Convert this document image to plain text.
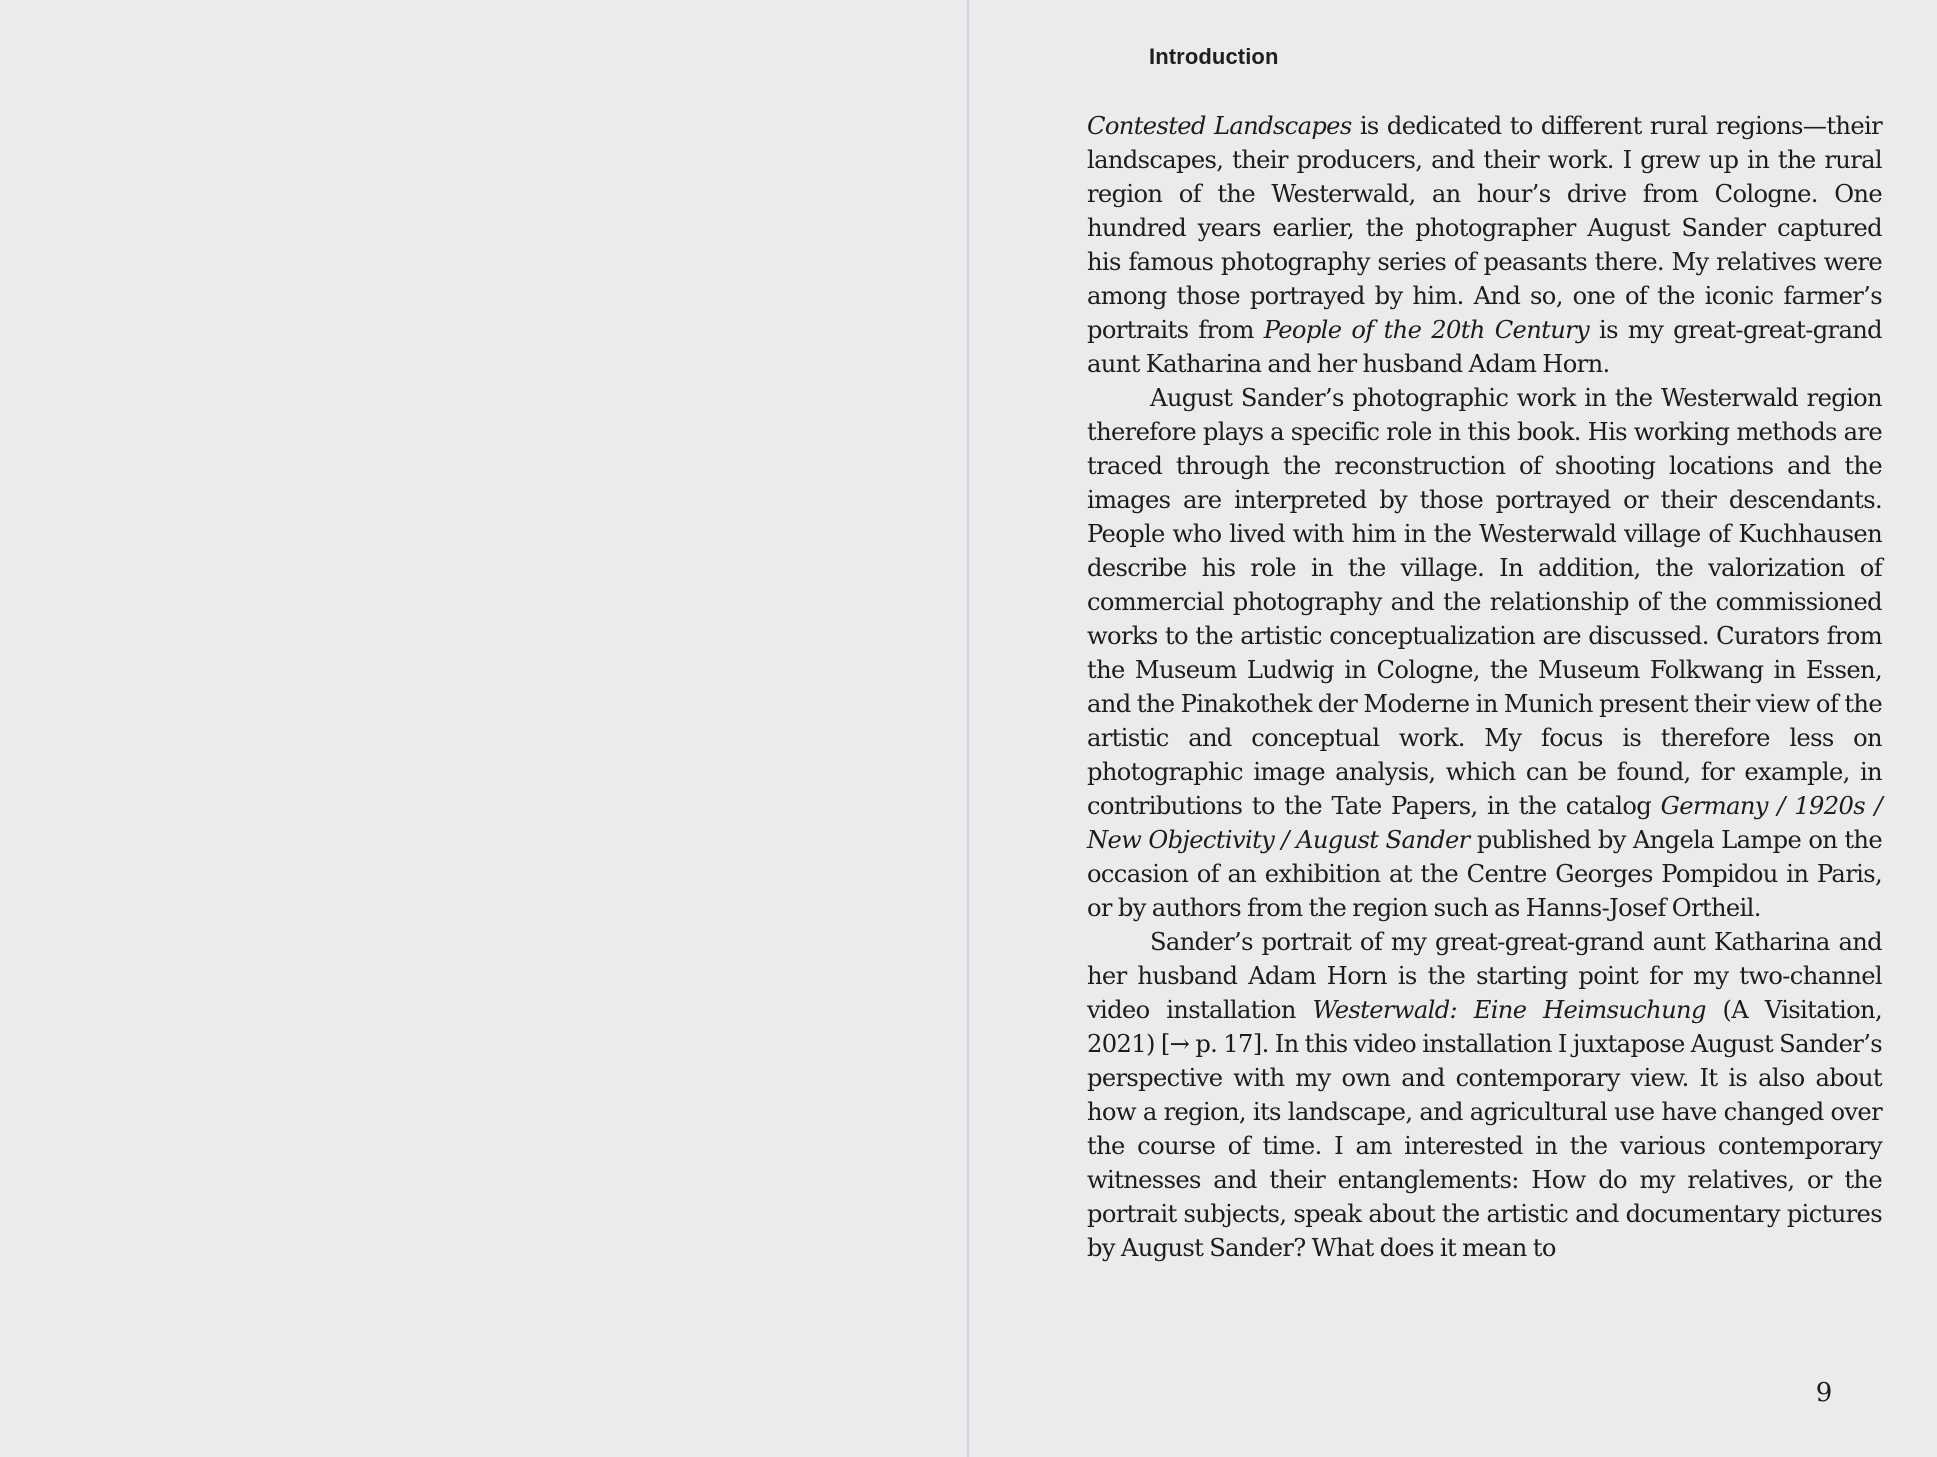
Introduction

Contested Landscapes is dedicated to different rural regions—their landscapes, their producers, and their work. I grew up in the rural region of the Westerwald, an hour’s drive from Cologne. One hundred years earlier, the photographer August Sander captured his famous photography series of peasants there. My relatives were among those portrayed by him. And so, one of the iconic farmer’s portraits from People of the 20th Century is my great-great-grand aunt Katharina and her husband Adam Horn.

August Sander’s photographic work in the Westerwald region therefore plays a specific role in this book. His working methods are traced through the reconstruction of shooting locations and the images are interpreted by those portrayed or their descendants. People who lived with him in the Westerwald village of Kuchhausen describe his role in the village. In addition, the valorization of commercial photography and the relationship of the commissioned works to the artistic conceptualization are discussed. Curators from the Museum Ludwig in Cologne, the Museum Folkwang in Essen, and the Pinakothek der Moderne in Munich present their view of the artistic and conceptual work. My focus is therefore less on photographic image analysis, which can be found, for example, in contributions to the Tate Papers, in the catalog Germany / 1920s / New Objectivity / August Sander published by Angela Lampe on the occasion of an exhibition at the Centre Georges Pompidou in Paris, or by authors from the region such as Hanns-Josef Ortheil.

Sander’s portrait of my great-great-grand aunt Katharina and her husband Adam Horn is the starting point for my two-channel video installation Westerwald: Eine Heimsuchung (A Visitation, 2021) [→ p. 17]. In this video installation I juxtapose August Sander’s perspective with my own and contemporary view. It is also about how a region, its landscape, and agricultural use have changed over the course of time. I am interested in the various contemporary witnesses and their entanglements: How do my relatives, or the portrait subjects, speak about the artistic and documentary pictures by August Sander? What does it mean to

9
